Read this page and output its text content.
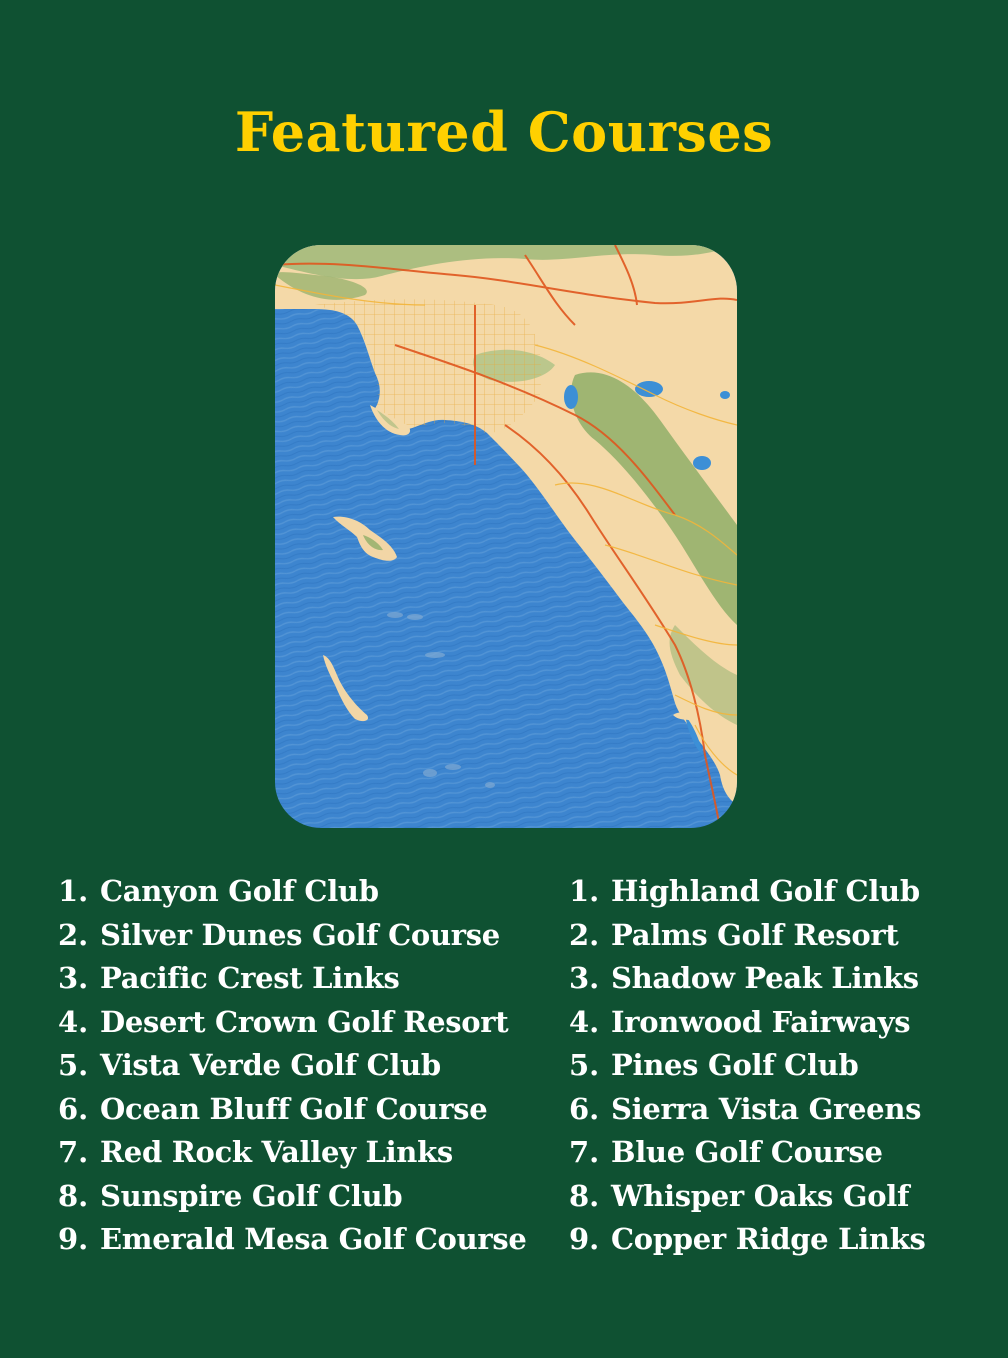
Featured Courses
1. Canyon Golf Club
2. Silver Dunes Golf Course
3. Pacific Crest Links
4. Desert Crown Golf Resort
5. Vista Verde Golf Club
6. Ocean Bluff Golf Course
7. Red Rock Valley Links
8. Sunspire Golf Club
9. Emerald Mesa Golf Course
1. Highland Golf Club
2. Palms Golf Resort
3. Shadow Peak Links
4. Ironwood Fairways
5. Pines Golf Club
6. Sierra Vista Greens
7. Blue Golf Course
8. Whisper Oaks Golf
9. Copper Ridge Links
